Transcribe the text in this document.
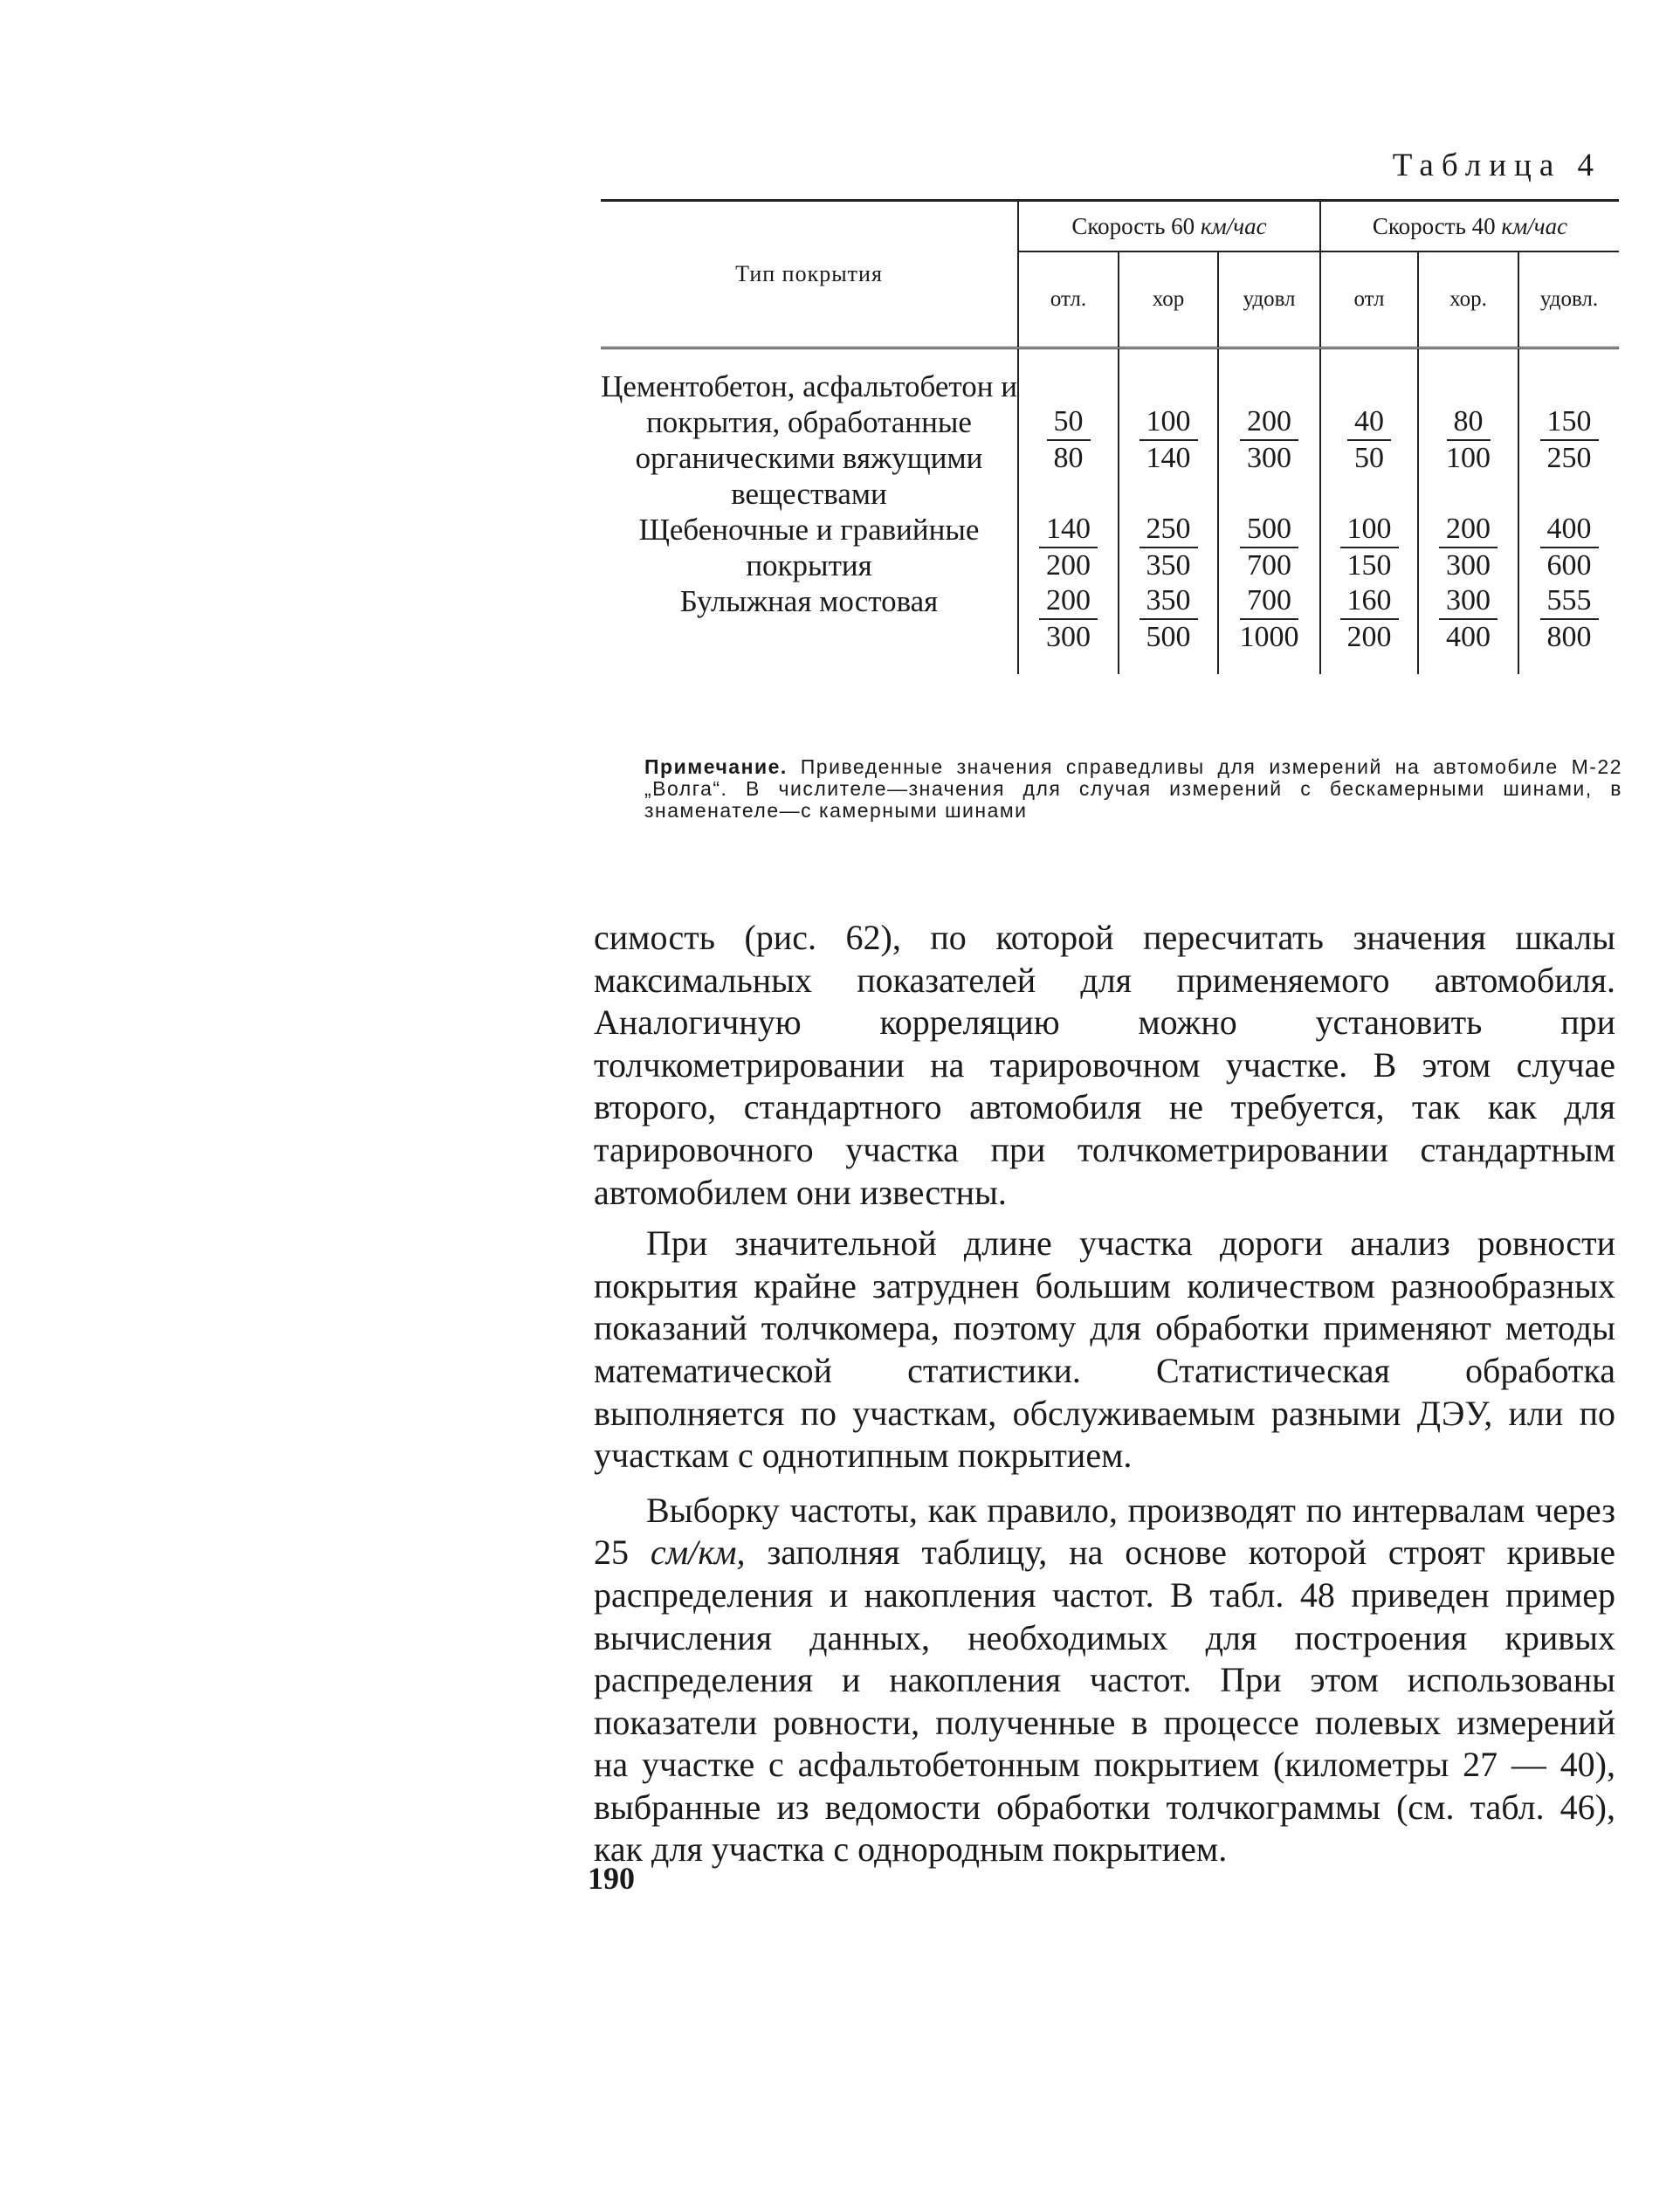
Таблица 4
Тип покрытия	Скорость 60 км/час			Скорость 40 км/час		
	отл.	хор	удовл	отл	хор.	удовл.

Цементобетон, асфальтобетон и покрытия, обработанные органическими вяжущими веществами	$\frac{50}{80}$	$\frac{100}{140}$	$\frac{200}{300}$	$\frac{40}{50}$	$\frac{80}{100}$	$\frac{150}{250}$

Щебеночные и гравийные покрытия	$\frac{140}{200}$	$\frac{250}{350}$	$\frac{500}{700}$	$\frac{100}{150}$	$\frac{200}{300}$	$\frac{400}{600}$

Булыжная мостовая	$\frac{200}{300}$	$\frac{350}{500}$	$\frac{700}{1000}$	$\frac{160}{200}$	$\frac{300}{400}$	$\frac{555}{800}$

Примечание. Приведенные значения справедливы для измерений на автомобиле М-22 „Волга“. В числителе—значения для случая измерений с бескамерными шинами, в знаменателе—с камерными шинами

симость (рис. 62), по которой пересчитать значения шкалы максимальных показателей для применяемого автомобиля. Аналогичную корреляцию можно установить при толчкометрировании на тарировочном участке. В этом случае второго, стандартного автомобиля не требуется, так как для тарировочного участка при толчкометрировании стандартным автомобилем они известны.

При значительной длине участка дороги анализ ровности покрытия крайне затруднен большим количеством разнообразных показаний толчкомера, поэтому для обработки применяют методы математической статистики. Статистическая обработка выполняется по участкам, обслуживаемым разными ДЭУ, или по участкам с однотипным покрытием.

Выборку частоты, как правило, производят по интервалам через 25 см/км, заполняя таблицу, на основе которой строят кривые распределения и накопления частот. В табл. 48 приведен пример вычисления данных, необходимых для построения кривых распределения и накопления частот. При этом использованы показатели ровности, полученные в процессе полевых измерений на участке с асфальтобетонным покрытием (километры 27 — 40), выбранные из ведомости обработки толчкограммы (см. табл. 46), как для участка с однородным покрытием.

190
